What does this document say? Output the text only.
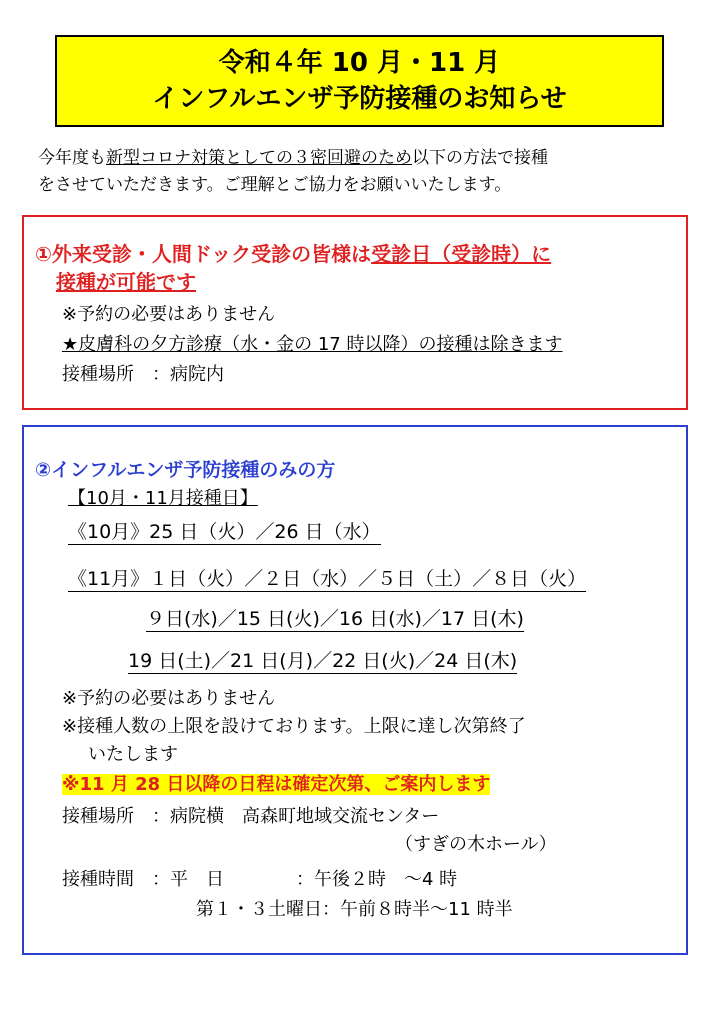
令和４年 10 月・11 月
インフルエンザ予防接種のお知らせ
今年度も新型コロナ対策としての３密回避のため以下の方法で接種
をさせていただきます。ご理解とご協力をお願いいたします。
①外来受診・人間ドック受診の皆様は受診日（受診時）に
接種が可能です
※予約の必要はありません
★皮膚科の夕方診療（水・金の 17 時以降）の接種は除きます
接種場所　：病院内
②インフルエンザ予防接種のみの方
【10月・11月接種日】
《10月》25 日（火）／26 日（水）
《11月》１日（火）／２日（水）／５日（土）／８日（火）
９日(水)／15 日(火)／16 日(水)／17 日(木)
19 日(土)／21 日(月)／22 日(火)／24 日(木)
※予約の必要はありません
※接種人数の上限を設けております。上限に達し次第終了
いたします
※11 月 28 日以降の日程は確定次第、ご案内します
接種場所　：病院横　高森町地域交流センター
（すぎの木ホール）
接種時間　：平　日　　　　：午後２時　～4 時
第１・３土曜日：午前８時半～11 時半
